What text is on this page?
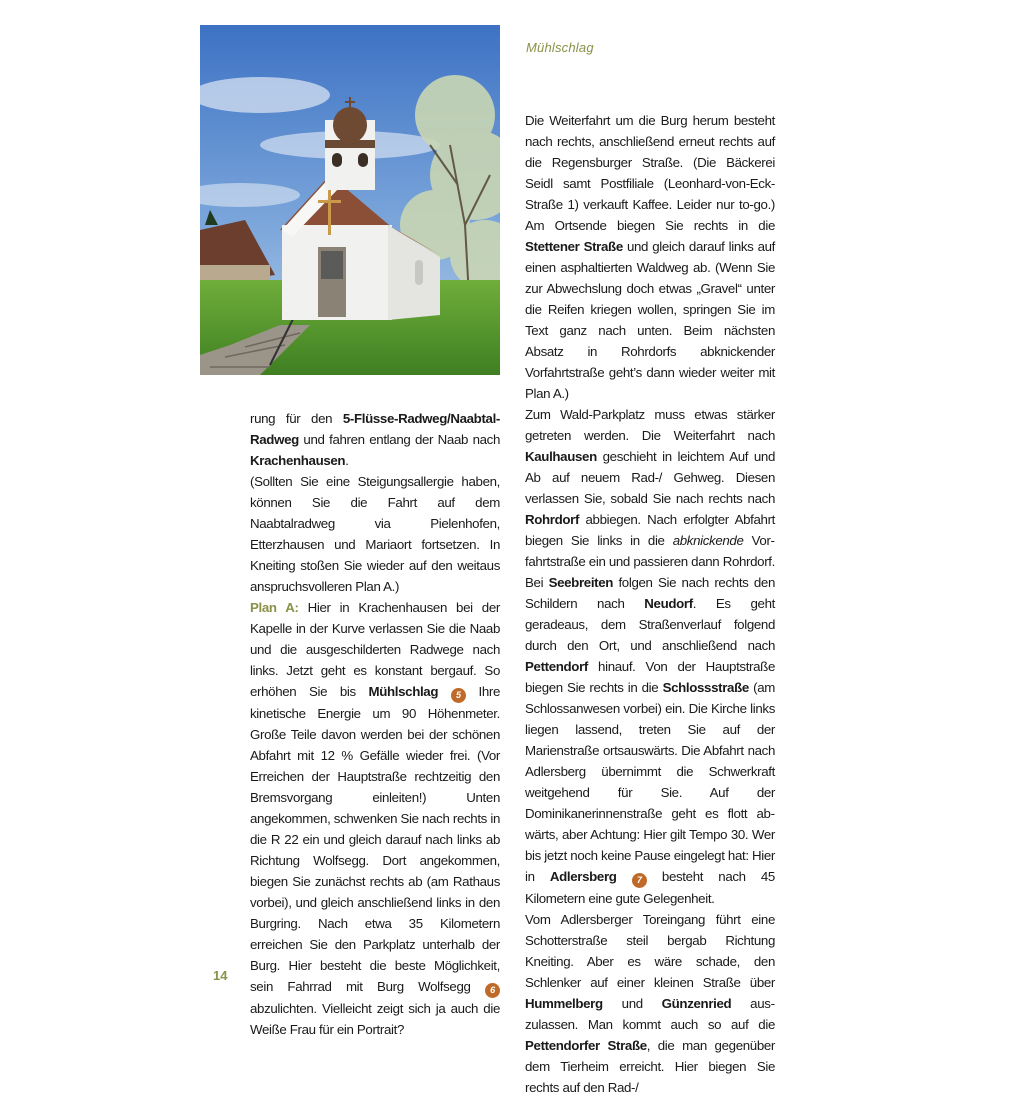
Mühlschlag

rung für den 5-Flüsse-Radweg/Naabtal-Radweg und fahren entlang der Naab nach Krachenhausen.

(Sollten Sie eine Steigungsallergie haben, können Sie die Fahrt auf dem Naabtalradweg via Pielenhofen, Etterzhausen und Mariaort fortsetzen. In Kneiting stoßen Sie wieder auf den weitaus anspruchsvolleren Plan A.)

Plan A: Hier in Krachenhausen bei der Kapelle in der Kurve verlassen Sie die Naab und die ausgeschilderten Radwege nach links. Jetzt geht es konstant bergauf. So erhöhen Sie bis Mühlschlag 5 Ihre kinetische Energie um 90 Höhenmeter. Große Teile davon werden bei der schönen Abfahrt mit 12 % Gefälle wieder frei. (Vor Erreichen der Hauptstraße rechtzeitig den Bremsvorgang einleiten!) Unten angekommen, schwenken Sie nach rechts in die R 22 ein und gleich darauf nach links ab Richtung Wolfsegg. Dort angekommen, biegen Sie zunächst rechts ab (am Rathaus vorbei), und gleich anschließend links in den Burgring. Nach etwa 35 Kilometern erreichen Sie den Parkplatz unterhalb der Burg. Hier besteht die beste Möglichkeit, sein Fahrrad mit Burg Wolfsegg 6 abzulichten. Vielleicht zeigt sich ja auch die Weiße Frau für ein Portrait?

Die Weiterfahrt um die Burg herum besteht nach rechts, anschließend erneut rechts auf die Regensburger Straße. (Die Bäckerei Seidl samt Postfiliale (Leonhard-von-Eck-Straße 1) verkauft Kaffee. Leider nur to-go.) Am Ortsende biegen Sie rechts in die Stettener Straße und gleich darauf links auf einen asphaltierten Waldweg ab. (Wenn Sie zur Abwechslung doch etwas „Gravel“ unter die Reifen kriegen wollen, springen Sie im Text ganz nach unten. Beim nächsten Absatz in Rohrdorfs abknickender Vorfahrtstraße geht’s dann wieder weiter mit Plan A.)

Zum Wald-Parkplatz muss etwas stärker getreten werden. Die Weiterfahrt nach Kaulhausen geschieht in leichtem Auf und Ab auf neuem Rad-/ Gehweg. Diesen verlassen Sie, sobald Sie nach rechts nach Rohrdorf abbiegen. Nach erfolgter Abfahrt biegen Sie links in die abknickende Vorfahrtstraße ein und passieren dann Rohrdorf. Bei Seebreiten folgen Sie nach rechts den Schildern nach Neudorf. Es geht geradeaus, dem Straßenverlauf folgend durch den Ort, und anschließend nach Pettendorf hinauf. Von der Hauptstraße biegen Sie rechts in die Schlossstraße (am Schlossanwesen vorbei) ein. Die Kirche links liegen lassend, treten Sie auf der Marienstraße ortsauswärts. Die Abfahrt nach Adlersberg übernimmt die Schwerkraft weitgehend für Sie. Auf der Dominikanerinnenstraße geht es flott abwärts, aber Achtung: Hier gilt Tempo 30. Wer bis jetzt noch keine Pause eingelegt hat: Hier in Adlersberg 7 besteht nach 45 Kilometern eine gute Gelegenheit.

Vom Adlersberger Toreingang führt eine Schotterstraße steil bergab Richtung Kneiting. Aber es wäre schade, den Schlenker auf einer kleinen Straße über Hummelberg und Günzenried auszulassen. Man kommt auch so auf die Pettendorfer Straße, die man gegenüber dem Tierheim erreicht. Hier biegen Sie rechts auf den Rad-/

14
